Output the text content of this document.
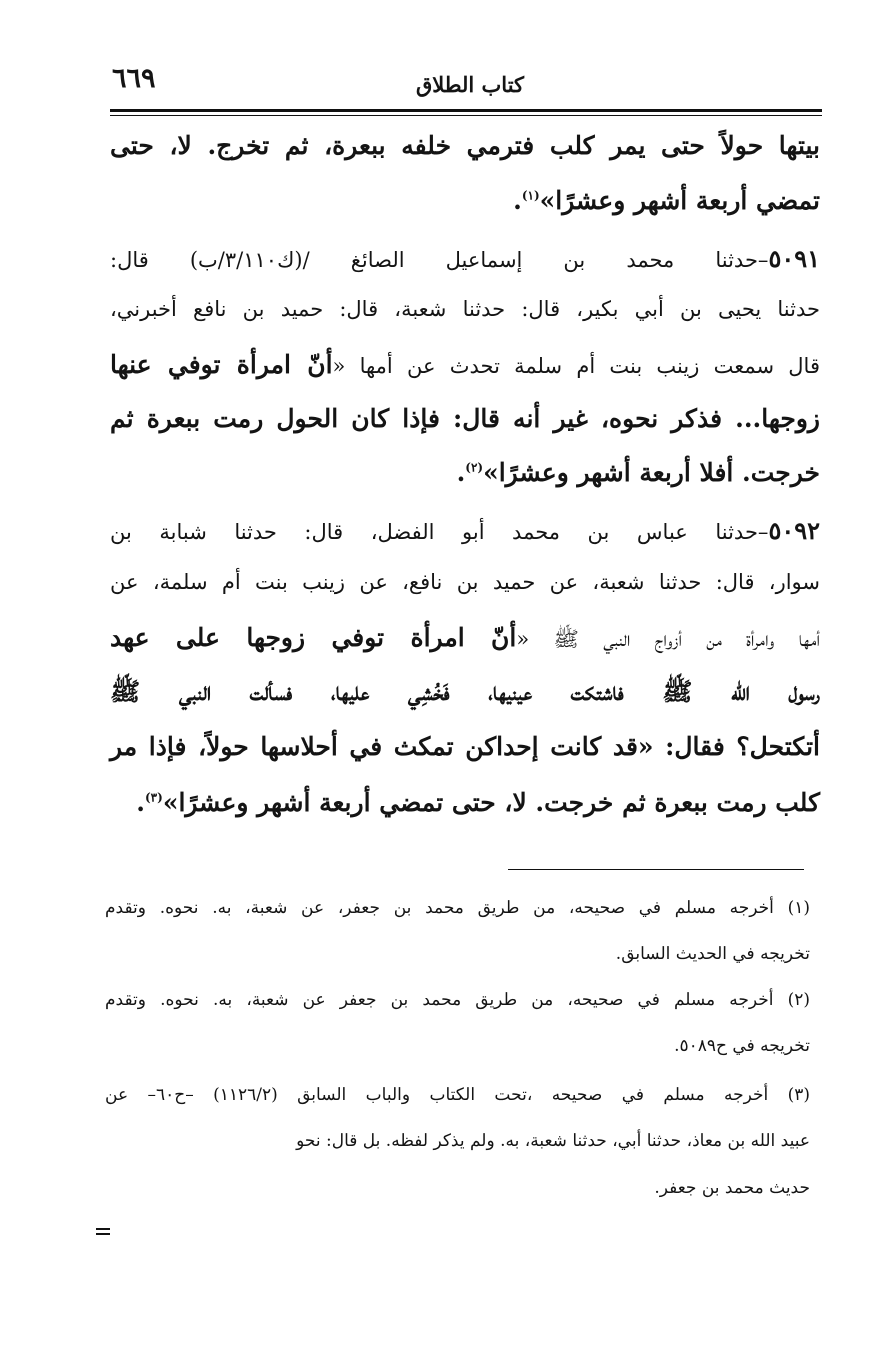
٦٦٩	كتاب الطلاق
بيتها حولاً حتى يمر كلب فترمي خلفه ببعرة، ثم تخرج. لا، حتى
تمضي أربعة أشهر وعشرًا»$^{(١)}$.
٥٠٩١–حدثنا محمد بن إسماعيل الصائغ /(ك٣/١١٠/ب) قال:
حدثنا يحيى بن أبي بكير، قال: حدثنا شعبة، قال: حميد بن نافع أخبرني،
قال سمعت زينب بنت أم سلمة تحدث عن أمها «أنّ امرأة توفي عنها
زوجها... فذكر نحوه، غير أنه قال: فإذا كان الحول رمت ببعرة ثم
خرجت. أفلا أربعة أشهر وعشرًا»$^{(٢)}$.
٥٠٩٢–حدثنا عباس بن محمد أبو الفضل، قال: حدثنا شبابة بن
سوار، قال: حدثنا شعبة، عن حميد بن نافع، عن زينب بنت أم سلمة، عن
أمها وامرأة من أزواج النبي ﷺ «أنّ امرأة توفي زوجها على عهد
رسول الله ﷺ فاشتكت عينيها، فَخُشِي عليها، فسألت النبي ﷺ
أتكتحل؟ فقال: «قد كانت إحداكن تمكث في أحلاسها حولاً، فإذا مر
كلب رمت ببعرة ثم خرجت. لا، حتى تمضي أربعة أشهر وعشرًا»$^{(٣)}$.
(١) أخرجه مسلم في صحيحه، من طريق محمد بن جعفر، عن شعبة، به. نحوه. وتقدم
تخريجه في الحديث السابق.
(٢) أخرجه مسلم في صحيحه، من طريق محمد بن جعفر عن شعبة، به. نحوه. وتقدم
تخريجه في ح٥٠٨٩.
(٣) أخرجه مسلم في صحيحه ،تحت الكتاب والباب السابق (١١٢٦/٢) –ح٦٠– عن
عبيد الله بن معاذ، حدثنا أبي، حدثنا شعبة، به. ولم يذكر لفظه. بل قال: نحو
حديث محمد بن جعفر.
